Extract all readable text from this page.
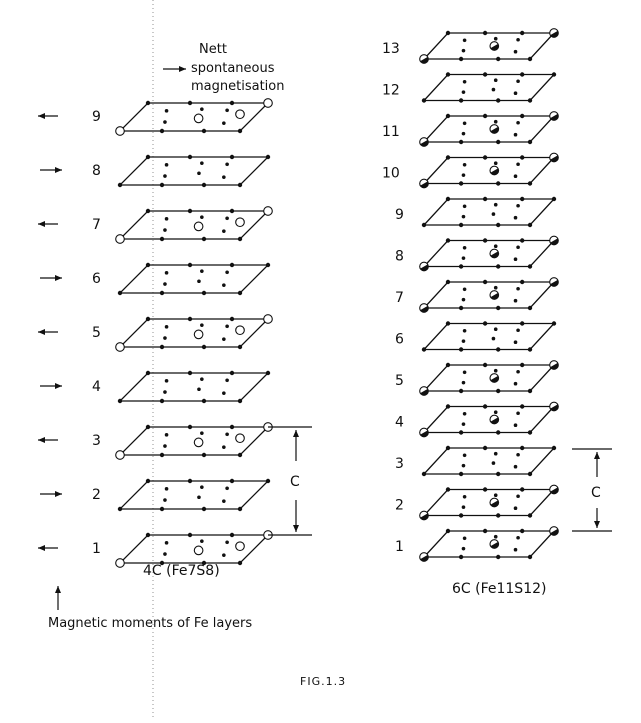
Nett
spontaneous
magnetisation
1
2
3
4
5
6
7
8
9
1
2
3
4
5
6
7
8
9
10
11
12
13
C
C
4C (Fe7S8)
6C (Fe11S12)
Magnetic moments of Fe layers
FIG.1.3
